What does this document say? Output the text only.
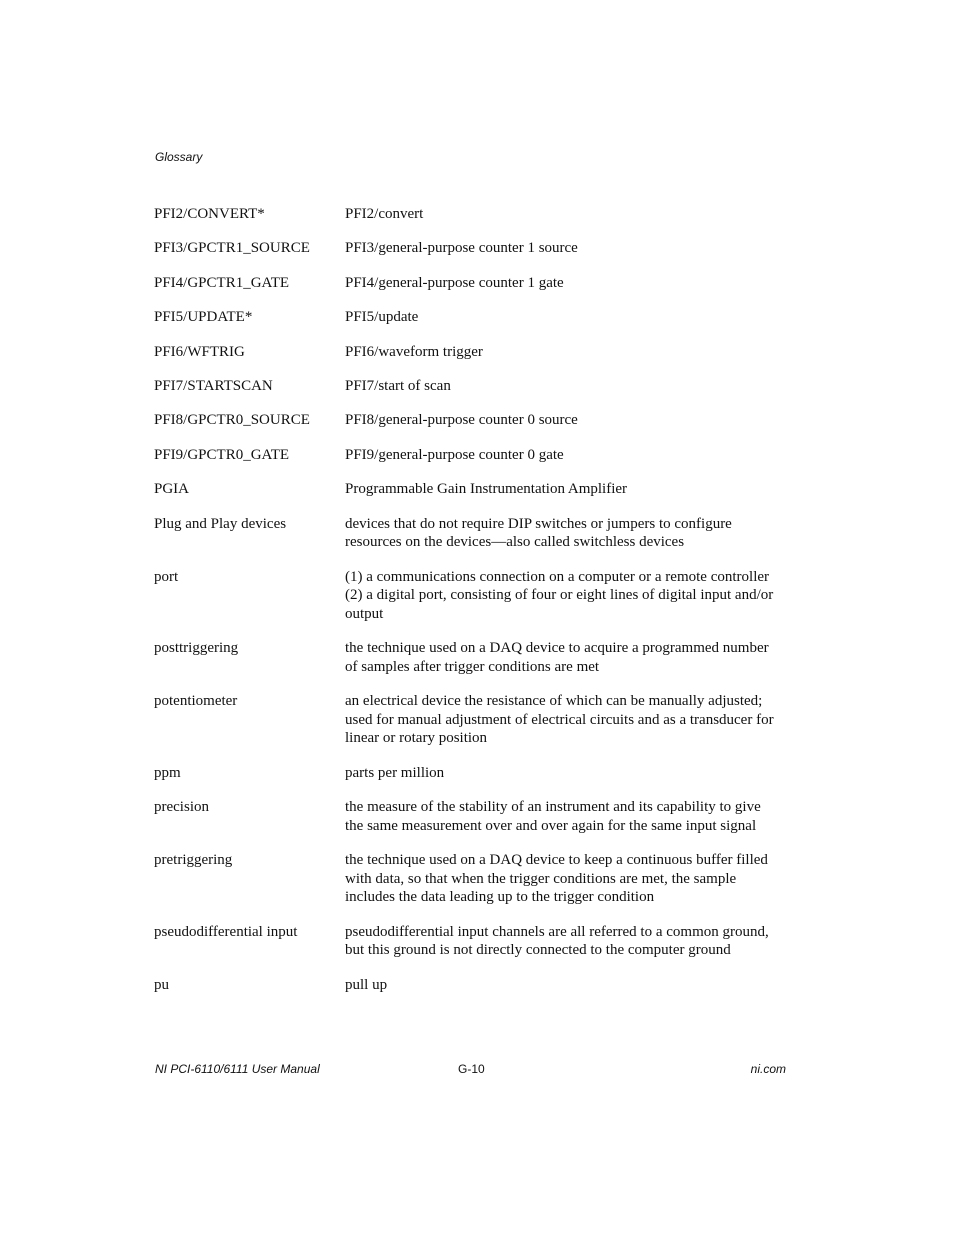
Glossary

PFI2/CONVERT*	PFI2/convert
PFI3/GPCTR1_SOURCE	PFI3/general-purpose counter 1 source
PFI4/GPCTR1_GATE	PFI4/general-purpose counter 1 gate
PFI5/UPDATE*	PFI5/update
PFI6/WFTRIG	PFI6/waveform trigger
PFI7/STARTSCAN	PFI7/start of scan
PFI8/GPCTR0_SOURCE	PFI8/general-purpose counter 0 source
PFI9/GPCTR0_GATE	PFI9/general-purpose counter 0 gate
PGIA	Programmable Gain Instrumentation Amplifier
Plug and Play devices	devices that do not require DIP switches or jumpers to configure
resources on the devices—also called switchless devices
port	(1) a communications connection on a computer or a remote controller
(2) a digital port, consisting of four or eight lines of digital input and/or
output
posttriggering	the technique used on a DAQ device to acquire a programmed number
of samples after trigger conditions are met
potentiometer	an electrical device the resistance of which can be manually adjusted;
used for manual adjustment of electrical circuits and as a transducer for
linear or rotary position
ppm	parts per million
precision	the measure of the stability of an instrument and its capability to give
the same measurement over and over again for the same input signal
pretriggering	the technique used on a DAQ device to keep a continuous buffer filled
with data, so that when the trigger conditions are met, the sample
includes the data leading up to the trigger condition
pseudodifferential input	pseudodifferential input channels are all referred to a common ground,
but this ground is not directly connected to the computer ground
pu	pull up
NI PCI-6110/6111 User Manual	G-10	ni.com
